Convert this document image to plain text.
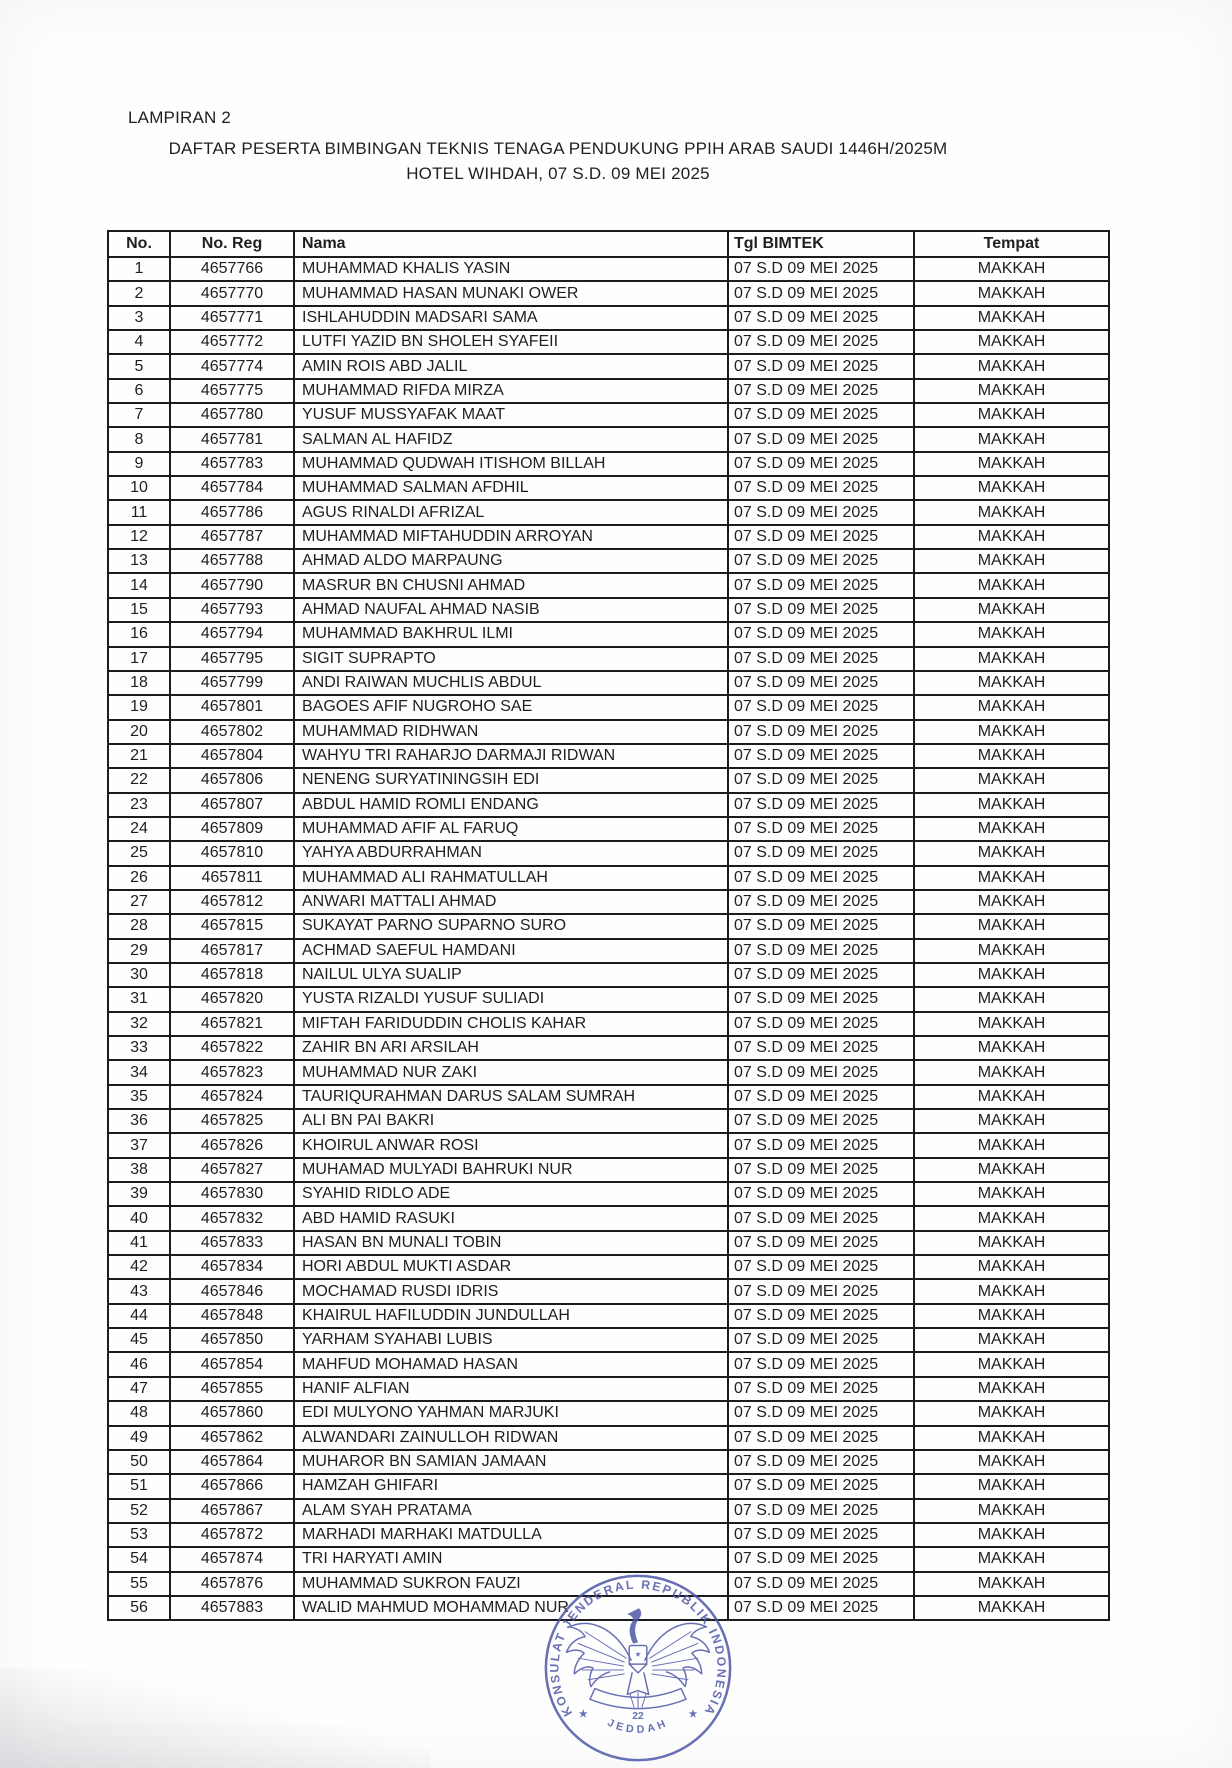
LAMPIRAN 2
DAFTAR PESERTA BIMBINGAN TEKNIS TENAGA PENDUKUNG PPIH ARAB SAUDI 1446H/2025M
HOTEL WIHDAH, 07 S.D. 09 MEI 2025
No.	No. Reg	Nama	Tgl BIMTEK	Tempat
1	4657766	MUHAMMAD KHALIS YASIN	07 S.D 09 MEI 2025	MAKKAH
2	4657770	MUHAMMAD HASAN MUNAKI OWER	07 S.D 09 MEI 2025	MAKKAH
3	4657771	ISHLAHUDDIN MADSARI SAMA	07 S.D 09 MEI 2025	MAKKAH
4	4657772	LUTFI YAZID BN SHOLEH SYAFEII	07 S.D 09 MEI 2025	MAKKAH
5	4657774	AMIN ROIS ABD JALIL	07 S.D 09 MEI 2025	MAKKAH
6	4657775	MUHAMMAD RIFDA MIRZA	07 S.D 09 MEI 2025	MAKKAH
7	4657780	YUSUF MUSSYAFAK MAAT	07 S.D 09 MEI 2025	MAKKAH
8	4657781	SALMAN AL HAFIDZ	07 S.D 09 MEI 2025	MAKKAH
9	4657783	MUHAMMAD QUDWAH ITISHOM BILLAH	07 S.D 09 MEI 2025	MAKKAH
10	4657784	MUHAMMAD SALMAN AFDHIL	07 S.D 09 MEI 2025	MAKKAH
11	4657786	AGUS RINALDI AFRIZAL	07 S.D 09 MEI 2025	MAKKAH
12	4657787	MUHAMMAD MIFTAHUDDIN ARROYAN	07 S.D 09 MEI 2025	MAKKAH
13	4657788	AHMAD ALDO MARPAUNG	07 S.D 09 MEI 2025	MAKKAH
14	4657790	MASRUR BN CHUSNI AHMAD	07 S.D 09 MEI 2025	MAKKAH
15	4657793	AHMAD NAUFAL AHMAD NASIB	07 S.D 09 MEI 2025	MAKKAH
16	4657794	MUHAMMAD BAKHRUL ILMI	07 S.D 09 MEI 2025	MAKKAH
17	4657795	SIGIT SUPRAPTO	07 S.D 09 MEI 2025	MAKKAH
18	4657799	ANDI RAIWAN MUCHLIS ABDUL	07 S.D 09 MEI 2025	MAKKAH
19	4657801	BAGOES AFIF NUGROHO SAE	07 S.D 09 MEI 2025	MAKKAH
20	4657802	MUHAMMAD RIDHWAN	07 S.D 09 MEI 2025	MAKKAH
21	4657804	WAHYU TRI RAHARJO DARMAJI RIDWAN	07 S.D 09 MEI 2025	MAKKAH
22	4657806	NENENG SURYATININGSIH EDI	07 S.D 09 MEI 2025	MAKKAH
23	4657807	ABDUL HAMID ROMLI ENDANG	07 S.D 09 MEI 2025	MAKKAH
24	4657809	MUHAMMAD AFIF AL FARUQ	07 S.D 09 MEI 2025	MAKKAH
25	4657810	YAHYA ABDURRAHMAN	07 S.D 09 MEI 2025	MAKKAH
26	4657811	MUHAMMAD ALI RAHMATULLAH	07 S.D 09 MEI 2025	MAKKAH
27	4657812	ANWARI MATTALI AHMAD	07 S.D 09 MEI 2025	MAKKAH
28	4657815	SUKAYAT PARNO SUPARNO SURO	07 S.D 09 MEI 2025	MAKKAH
29	4657817	ACHMAD SAEFUL HAMDANI	07 S.D 09 MEI 2025	MAKKAH
30	4657818	NAILUL ULYA SUALIP	07 S.D 09 MEI 2025	MAKKAH
31	4657820	YUSTA RIZALDI YUSUF SULIADI	07 S.D 09 MEI 2025	MAKKAH
32	4657821	MIFTAH FARIDUDDIN CHOLIS KAHAR	07 S.D 09 MEI 2025	MAKKAH
33	4657822	ZAHIR BN ARI ARSILAH	07 S.D 09 MEI 2025	MAKKAH
34	4657823	MUHAMMAD NUR ZAKI	07 S.D 09 MEI 2025	MAKKAH
35	4657824	TAURIQURAHMAN DARUS SALAM SUMRAH	07 S.D 09 MEI 2025	MAKKAH
36	4657825	ALI BN PAI BAKRI	07 S.D 09 MEI 2025	MAKKAH
37	4657826	KHOIRUL ANWAR ROSI	07 S.D 09 MEI 2025	MAKKAH
38	4657827	MUHAMAD MULYADI BAHRUKI NUR	07 S.D 09 MEI 2025	MAKKAH
39	4657830	SYAHID RIDLO ADE	07 S.D 09 MEI 2025	MAKKAH
40	4657832	ABD HAMID RASUKI	07 S.D 09 MEI 2025	MAKKAH
41	4657833	HASAN BN MUNALI TOBIN	07 S.D 09 MEI 2025	MAKKAH
42	4657834	HORI ABDUL MUKTI ASDAR	07 S.D 09 MEI 2025	MAKKAH
43	4657846	MOCHAMAD RUSDI IDRIS	07 S.D 09 MEI 2025	MAKKAH
44	4657848	KHAIRUL HAFILUDDIN JUNDULLAH	07 S.D 09 MEI 2025	MAKKAH
45	4657850	YARHAM SYAHABI LUBIS	07 S.D 09 MEI 2025	MAKKAH
46	4657854	MAHFUD MOHAMAD HASAN	07 S.D 09 MEI 2025	MAKKAH
47	4657855	HANIF ALFIAN	07 S.D 09 MEI 2025	MAKKAH
48	4657860	EDI MULYONO YAHMAN MARJUKI	07 S.D 09 MEI 2025	MAKKAH
49	4657862	ALWANDARI ZAINULLOH RIDWAN	07 S.D 09 MEI 2025	MAKKAH
50	4657864	MUHAROR BN SAMIAN JAMAAN	07 S.D 09 MEI 2025	MAKKAH
51	4657866	HAMZAH GHIFARI	07 S.D 09 MEI 2025	MAKKAH
52	4657867	ALAM SYAH PRATAMA	07 S.D 09 MEI 2025	MAKKAH
53	4657872	MARHADI MARHAKI MATDULLA	07 S.D 09 MEI 2025	MAKKAH
54	4657874	TRI HARYATI AMIN	07 S.D 09 MEI 2025	MAKKAH
55	4657876	MUHAMMAD SUKRON FAUZI	07 S.D 09 MEI 2025	MAKKAH
56	4657883	WALID MAHMUD MOHAMMAD NUR	07 S.D 09 MEI 2025	MAKKAH
KONSULAT JENDERAL REPUBLIK INDONESIA
JEDDAH
★	★
22
